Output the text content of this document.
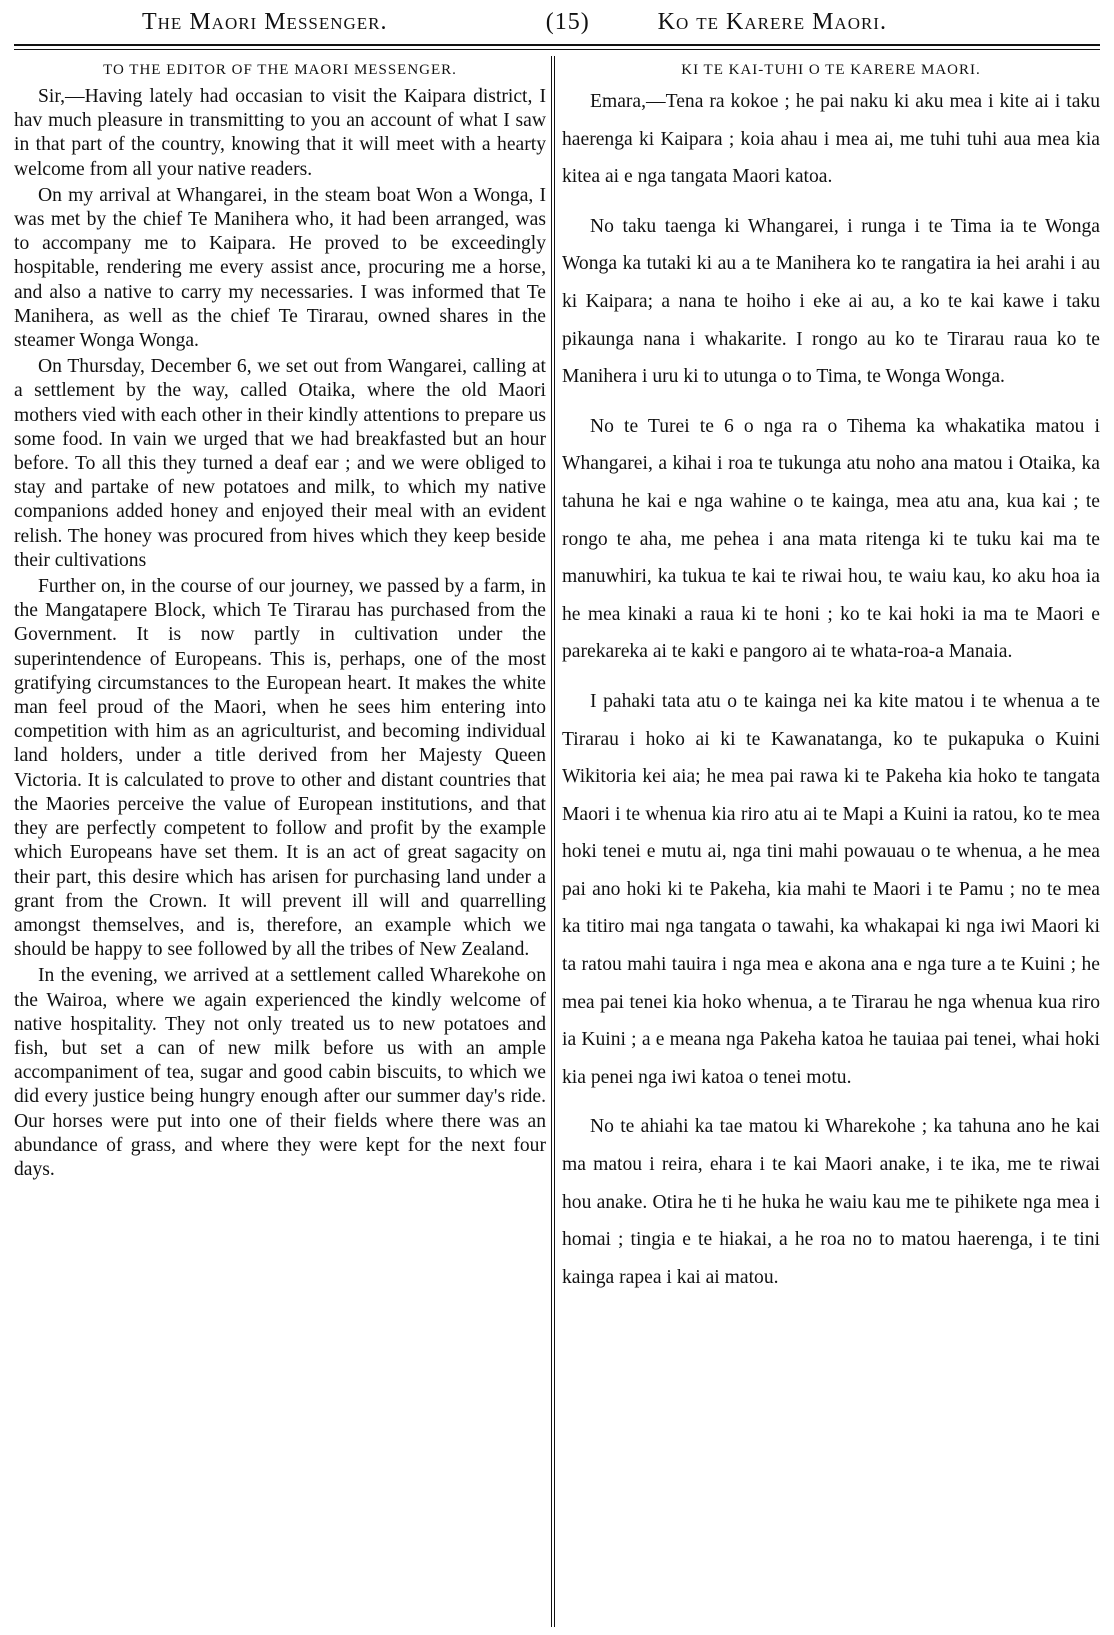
The Maori Messenger.	(15)	Ko te Karere Maori.
TO THE EDITOR OF THE MAORI MESSENGER.

Sir,—Having lately had occasian to visit the Kaipara district, I hav much pleasure in transmitting to you an account of what I saw in that part of the country, knowing that it will meet with a hearty welcome from all your native readers.

On my arrival at Whangarei, in the steam boat Won a Wonga, I was met by the chief Te Manihera who, it had been arranged, was to accompany me to Kaipara. He proved to be exceedingly hospitable, rendering me every assist ance, procuring me a horse, and also a native to carry my necessaries. I was informed that Te Manihera, as well as the chief Te Tirarau, owned shares in the steamer Wonga Wonga.

On Thursday, December 6, we set out from Wangarei, calling at a settlement by the way, called Otaika, where the old Maori mothers vied with each other in their kindly attentions to prepare us some food. In vain we urged that we had breakfasted but an hour before. To all this they turned a deaf ear ; and we were obliged to stay and partake of new potatoes and milk, to which my native companions added honey and enjoyed their meal with an evident relish. The honey was procured from hives which they keep beside their cultivations

Further on, in the course of our journey, we passed by a farm, in the Mangatapere Block, which Te Tirarau has purchased from the Government. It is now partly in cultivation under the superintendence of Europeans. This is, perhaps, one of the most gratifying circumstances to the European heart. It makes the white man feel proud of the Maori, when he sees him entering into competition with him as an agriculturist, and becoming individual land holders, under a title derived from her Majesty Queen Victoria. It is calculated to prove to other and distant countries that the Maories perceive the value of European institutions, and that they are perfectly competent to follow and profit by the example which Europeans have set them. It is an act of great sagacity on their part, this desire which has arisen for purchasing land under a grant from the Crown. It will prevent ill will and quarrelling amongst themselves, and is, therefore, an example which we should be happy to see followed by all the tribes of New Zealand.

In the evening, we arrived at a settlement called Wharekohe on the Wairoa, where we again experienced the kindly welcome of native hospitality. They not only treated us to new potatoes and fish, but set a can of new milk before us with an ample accompaniment of tea, sugar and good cabin biscuits, to which we did every justice being hungry enough after our summer day's ride. Our horses were put into one of their fields where there was an abundance of grass, and where they were kept for the next four days.

KI TE KAI-TUHI O TE KARERE MAORI.

Emara,—Tena ra kokoe ; he pai naku ki aku mea i kite ai i taku haerenga ki Kaipara ; koia ahau i mea ai, me tuhi tuhi aua mea kia kitea ai e nga tangata Maori katoa.

No taku taenga ki Whangarei, i runga i te Tima ia te Wonga Wonga ka tutaki ki au a te Manihera ko te rangatira ia hei arahi i au ki Kaipara; a nana te hoiho i eke ai au, a ko te kai kawe i taku pikaunga nana i whakarite. I rongo au ko te Tirarau raua ko te Manihera i uru ki to utunga o to Tima, te Wonga Wonga.

No te Turei te 6 o nga ra o Tihema ka whakatika matou i Whangarei, a kihai i roa te tukunga atu noho ana matou i Otaika, ka tahuna he kai e nga wahine o te kainga, mea atu ana, kua kai ; te rongo te aha, me pehea i ana mata ritenga ki te tuku kai ma te manuwhiri, ka tukua te kai te riwai hou, te waiu kau, ko aku hoa ia he mea kinaki a raua ki te honi ; ko te kai hoki ia ma te Maori e parekareka ai te kaki e pangoro ai te whata-roa-a Manaia.

I pahaki tata atu o te kainga nei ka kite matou i te whenua a te Tirarau i hoko ai ki te Kawanatanga, ko te pukapuka o Kuini Wikitoria kei aia; he mea pai rawa ki te Pakeha kia hoko te tangata Maori i te whenua kia riro atu ai te Mapi a Kuini ia ratou, ko te mea hoki tenei e mutu ai, nga tini mahi powauau o te whenua, a he mea pai ano hoki ki te Pakeha, kia mahi te Maori i te Pamu ; no te mea ka titiro mai nga tangata o tawahi, ka whakapai ki nga iwi Maori ki ta ratou mahi tauira i nga mea e akona ana e nga ture a te Kuini ; he mea pai tenei kia hoko whenua, a te Tirarau he nga whenua kua riro ia Kuini ; a e meana nga Pakeha katoa he tauiaa pai tenei, whai hoki kia penei nga iwi katoa o tenei motu.

No te ahiahi ka tae matou ki Wharekohe ; ka tahuna ano he kai ma matou i reira, ehara i te kai Maori anake, i te ika, me te riwai hou anake. Otira he ti he huka he waiu kau me te pihikete nga mea i homai ; tingia e te hiakai, a he roa no to matou haerenga, i te tini kainga rapea i kai ai matou.
